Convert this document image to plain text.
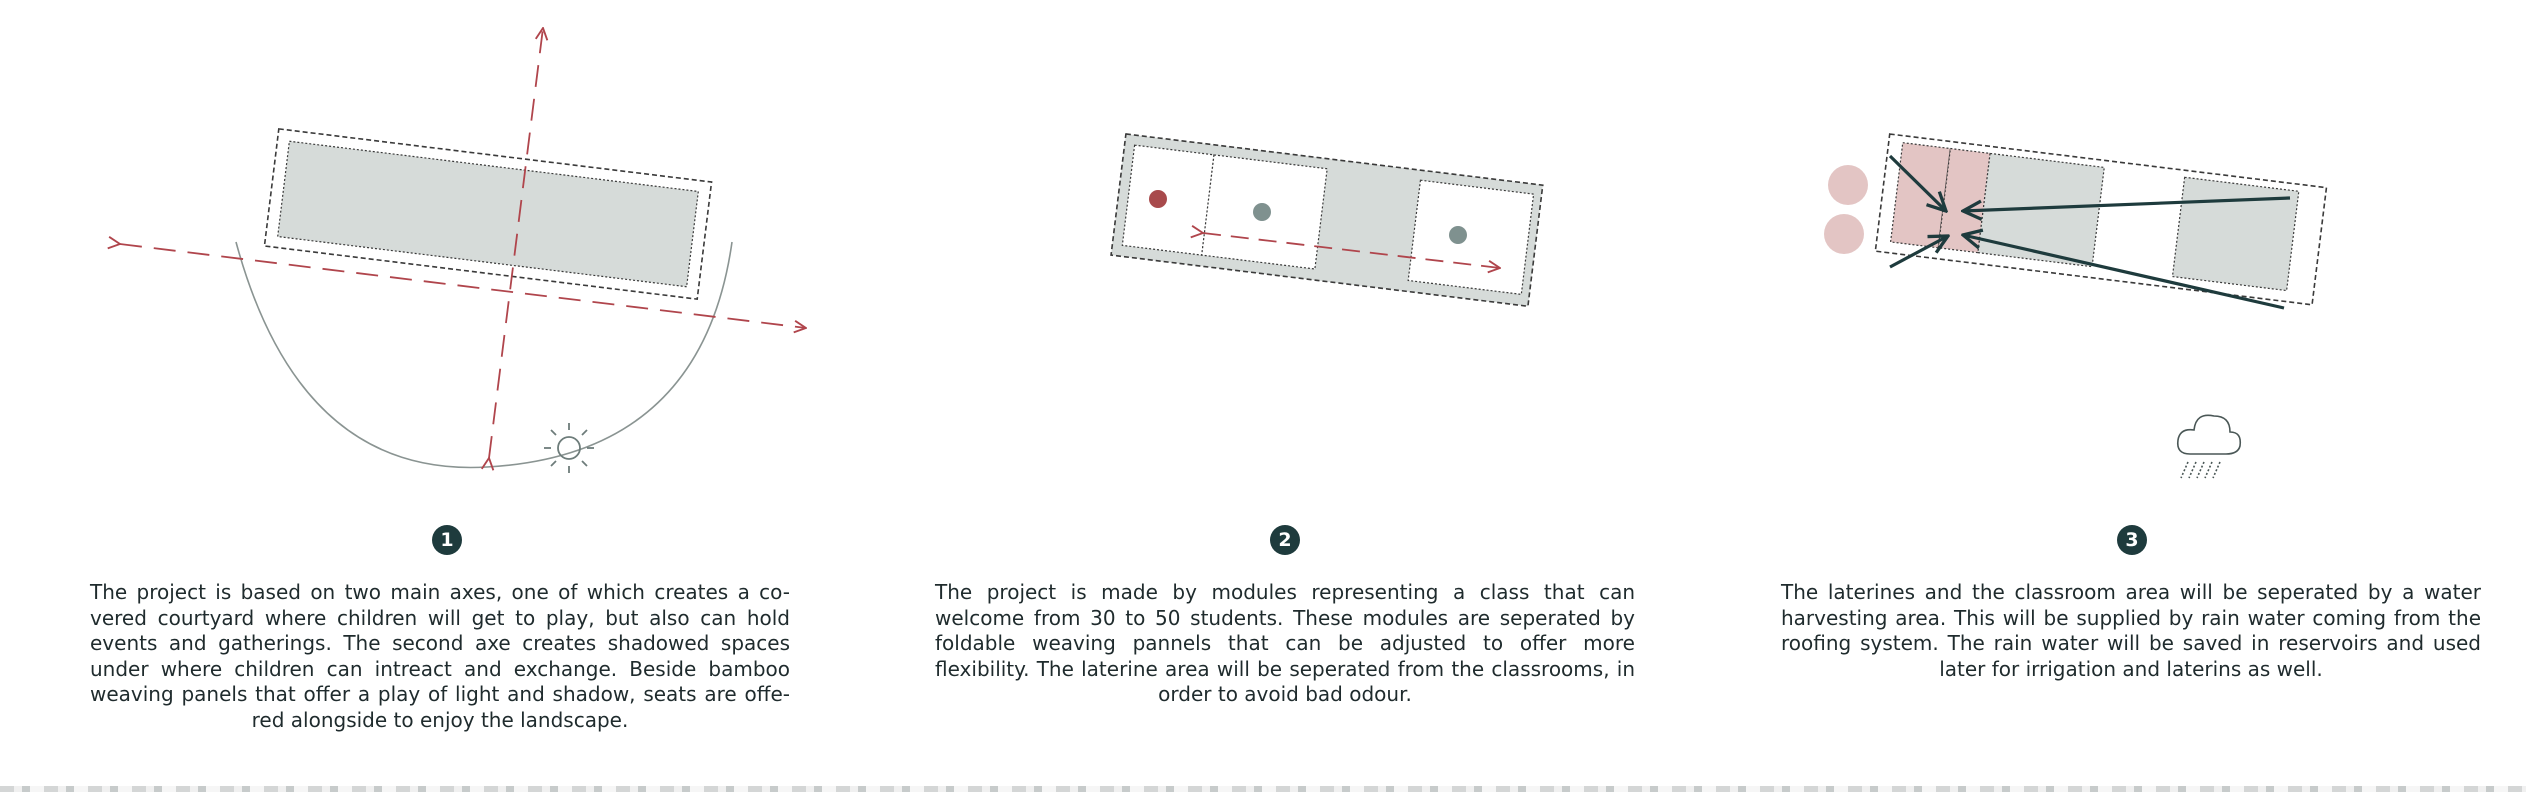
1	2	3
The project is based on two main axes, one of which creates a co-vered courtyard where children will get to play, but also can hold events and gatherings. The second axe creates shadowed spaces under where children can intreact and exchange. Beside bamboo weaving panels that offer a play of light and shadow, seats are offe-red alongside to enjoy the landscape.
The project is made by modules representing a class that can welcome from 30 to 50 students. These modules are seperated by foldable weaving pannels that can be adjusted to offer more flexibility. The laterine area will be seperated from the classrooms, in order to avoid bad odour.
The laterines and the classroom area will be seperated by a water harvesting area. This will be supplied by rain water coming from the roofing system. The rain water will be saved in reservoirs and used later for irrigation and laterins as well.
